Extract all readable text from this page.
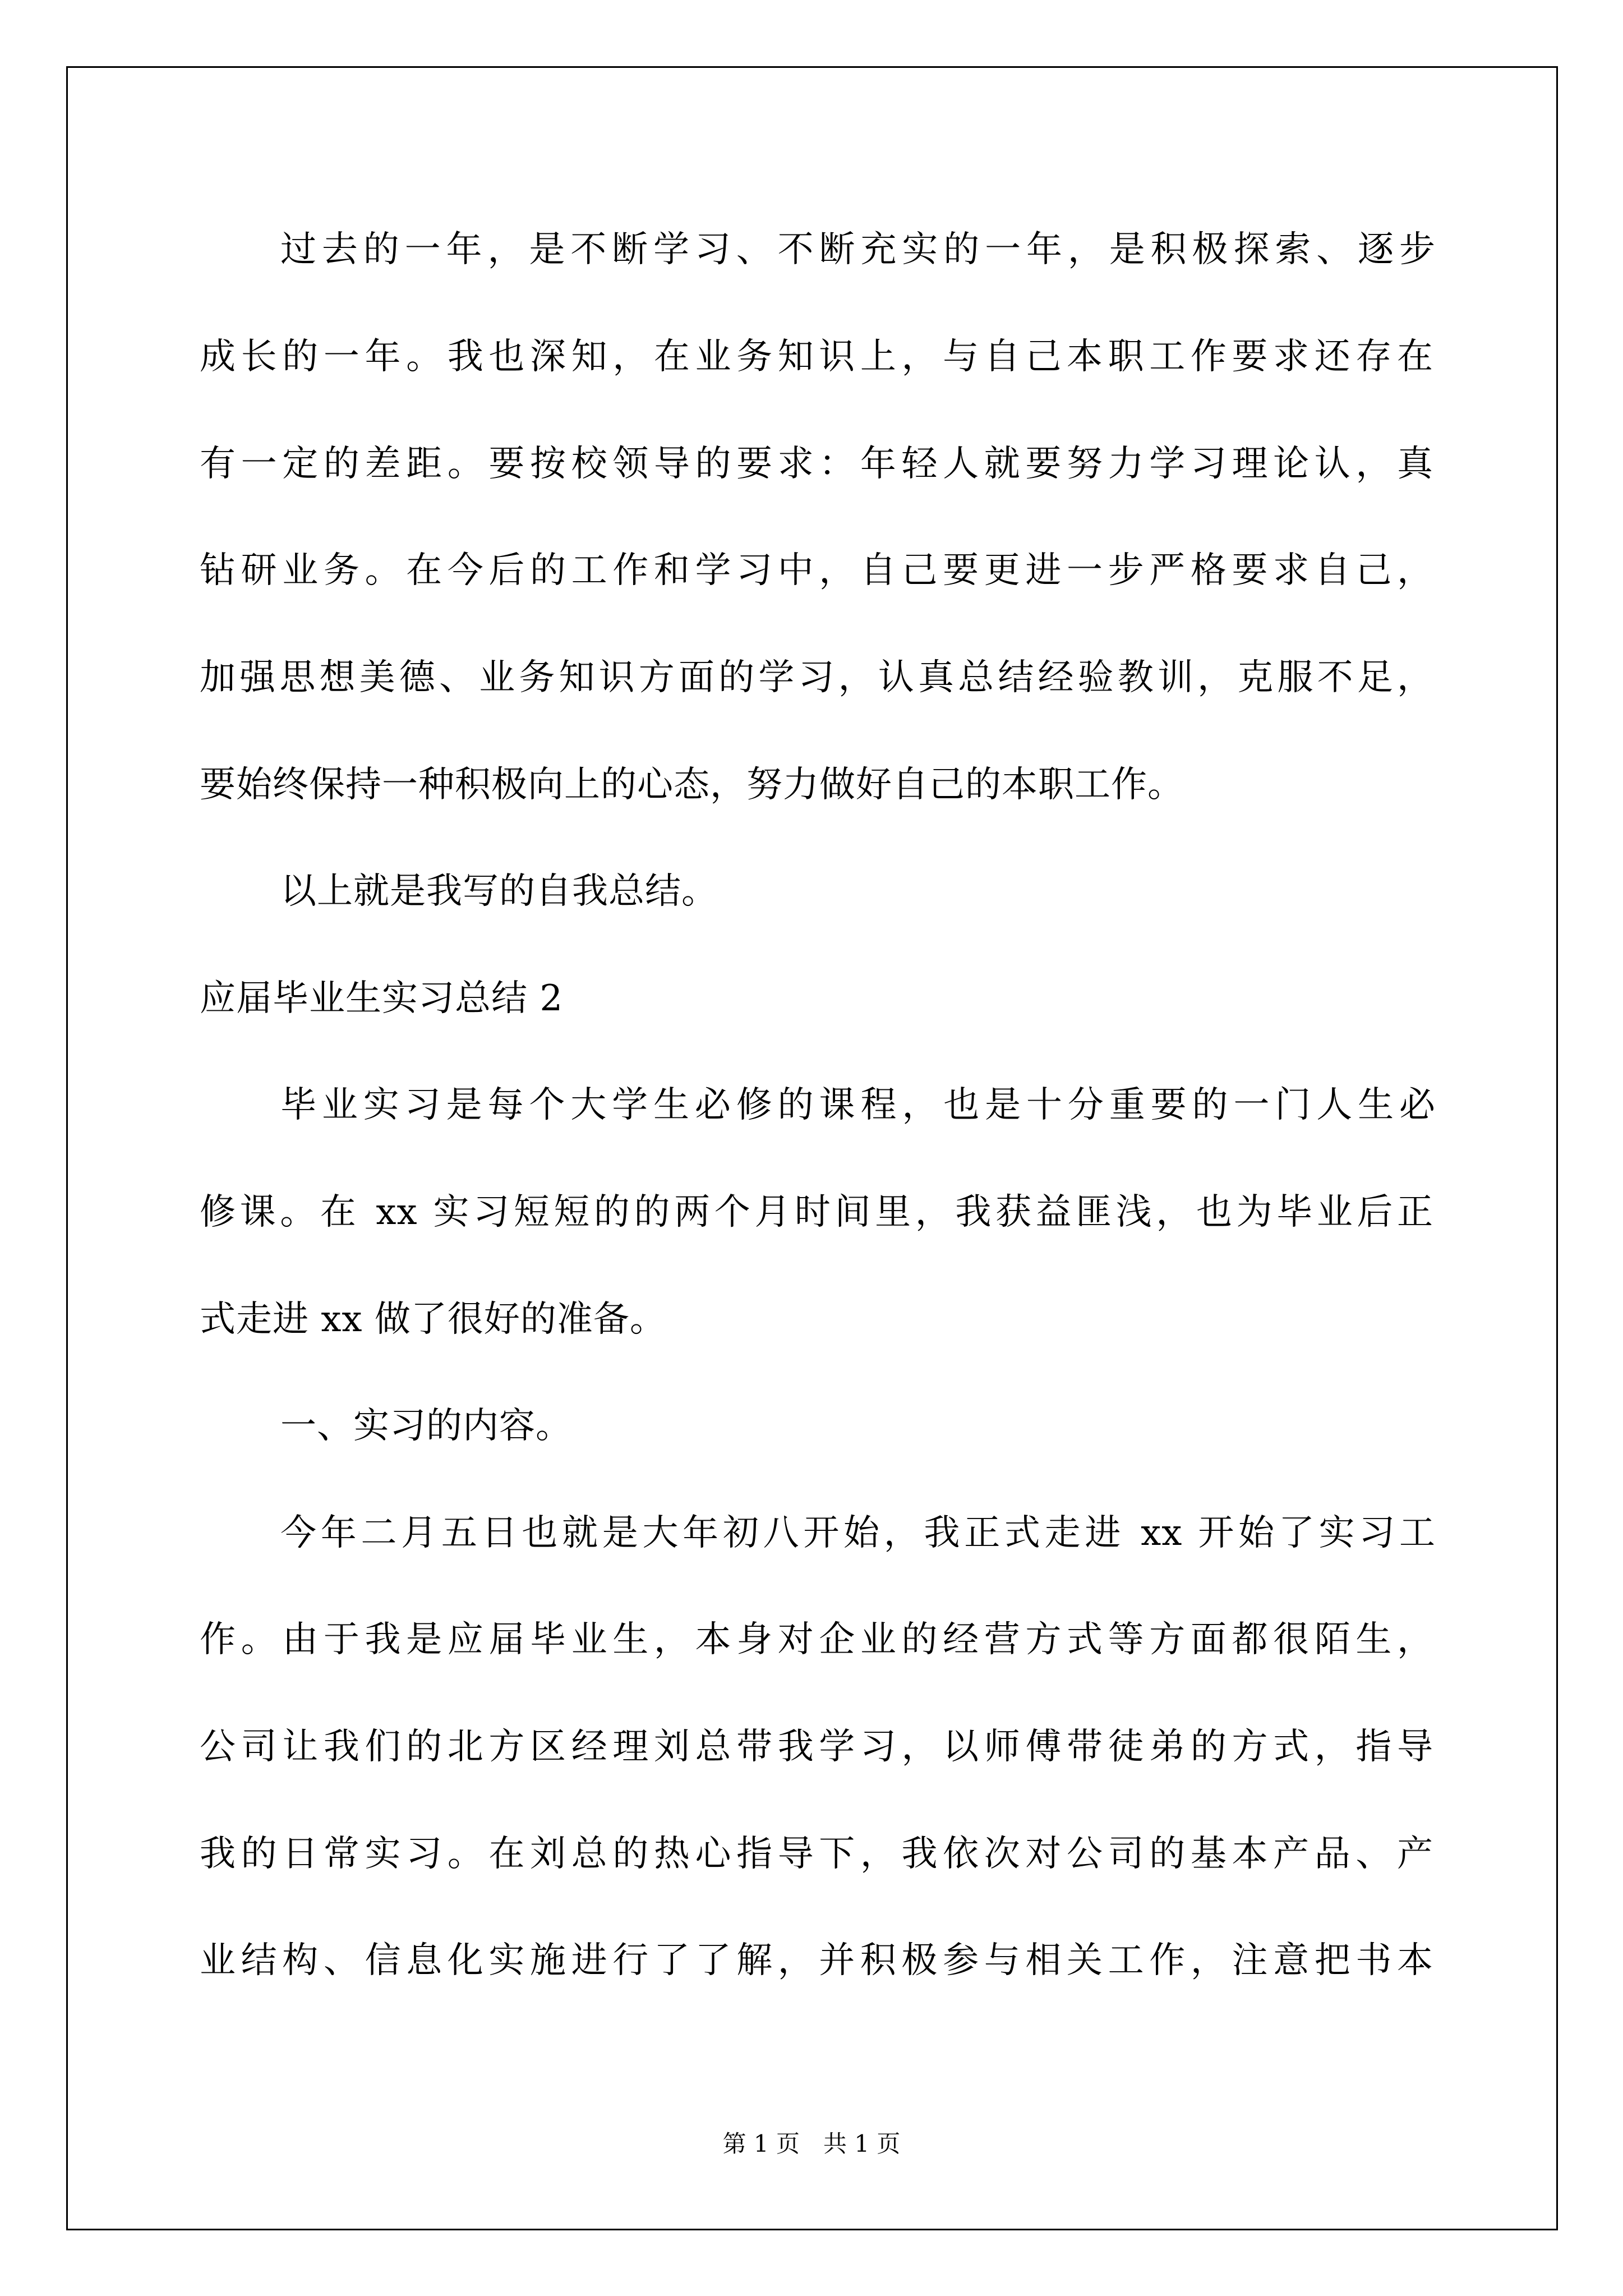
过去的一年，是不断学习、不断充实的一年，是积极探索、逐步
成长的一年。我也深知，在业务知识上，与自己本职工作要求还存在
有一定的差距。要按校领导的要求：年轻人就要努力学习理论认，真
钻研业务。在今后的工作和学习中，自己要更进一步严格要求自己，
加强思想美德、业务知识方面的学习，认真总结经验教训，克服不足，
要始终保持一种积极向上的心态，努力做好自己的本职工作。
以上就是我写的自我总结。
应届毕业生实习总结 2
毕业实习是每个大学生必修的课程，也是十分重要的一门人生必
修课。在 xx 实习短短的的两个月时间里，我获益匪浅，也为毕业后正
式走进 xx 做了很好的准备。
一、实习的内容。
今年二月五日也就是大年初八开始，我正式走进 xx 开始了实习工
作。由于我是应届毕业生，本身对企业的经营方式等方面都很陌生，
公司让我们的北方区经理刘总带我学习，以师傅带徒弟的方式，指导
我的日常实习。在刘总的热心指导下，我依次对公司的基本产品、产
业结构、信息化实施进行了了解，并积极参与相关工作，注意把书本
第 1 页　共 1 页
